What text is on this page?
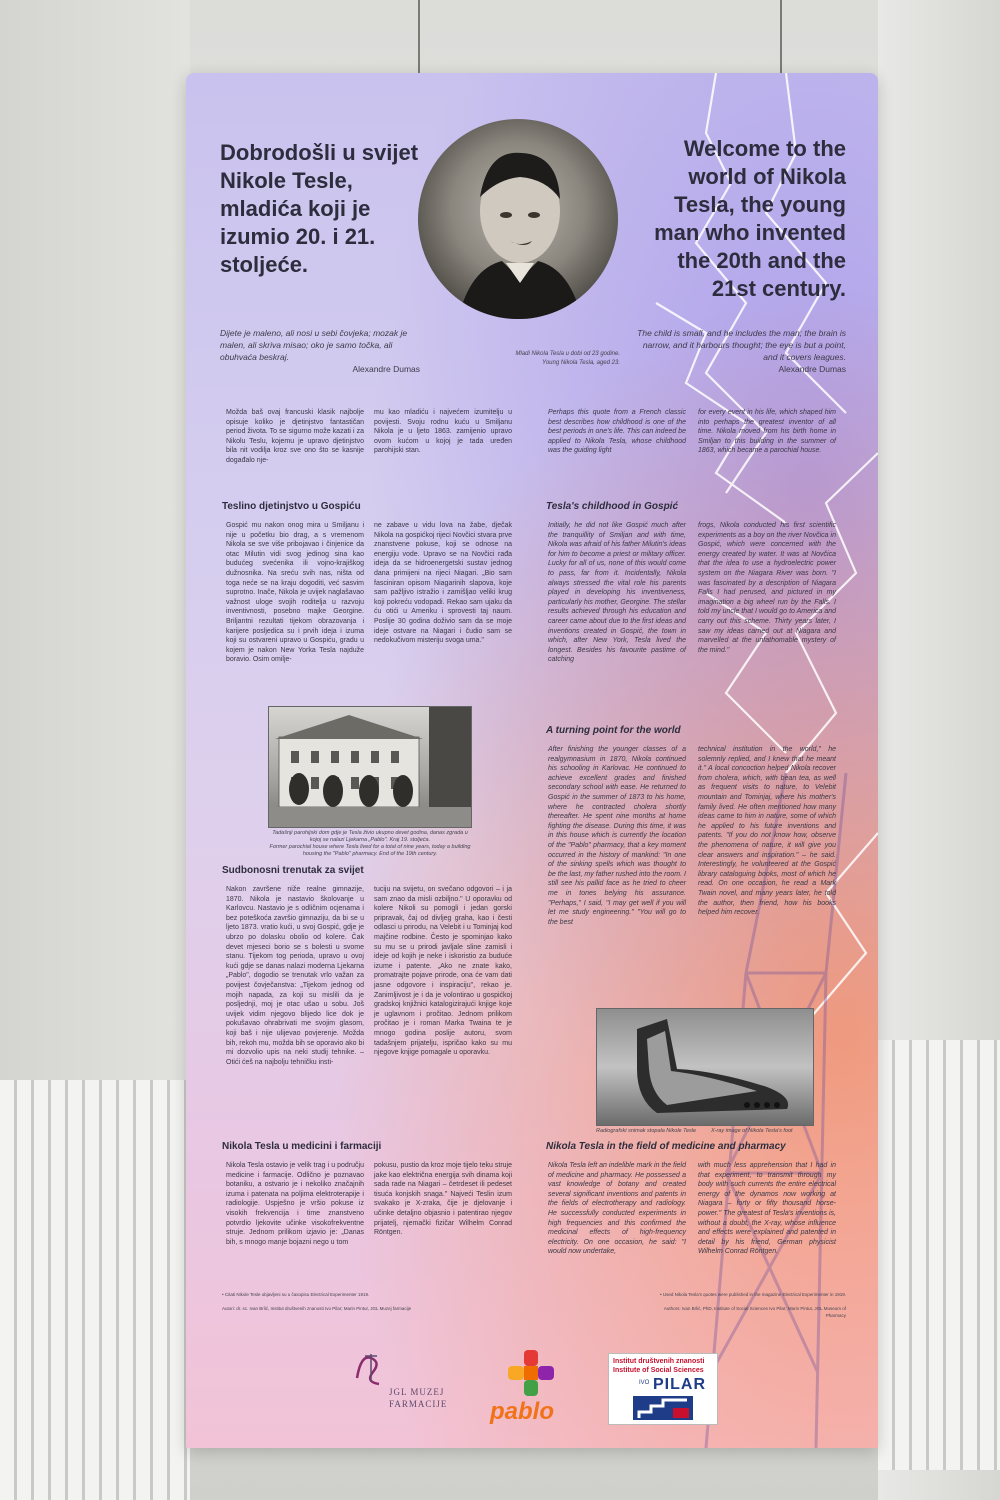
Dobrodošli u svijet Nikole Tesle, mladića koji je izumio 20. i 21. stoljeće.
Welcome to the world of Nikola Tesla, the young man who invented the 20th and the 21st century.
Mladi Nikola Tesla u dobi od 23 godine.
Young Nikola Tesla, aged 23.
Dijete je maleno, ali nosi u sebi čovjeka; mozak je malen, ali skriva misao; oko je samo točka, ali obuhvaća beskraj.
Alexandre Dumas
The child is small, and he includes the man; the brain is narrow, and it harbours thought; the eye is but a point, and it covers leagues.
Alexandre Dumas
Možda baš ovaj francuski klasik najbolje opisuje koliko je djetinjstvo fantastičan period života. To se sigurno može kazati i za Nikolu Teslu, kojemu je upravo djetinjstvo bila nit vodilja kroz sve ono što se kasnije događalo nje-
mu kao mladiću i najvećem izumitelju u povijesti. Svoju rodnu kuću u Smiljanu Nikola je u ljeto 1863. zamijenio upravo ovom kućom u kojoj je tada uređen parohijski stan.
Perhaps this quote from a French classic best describes how childhood is one of the best periods in one's life. This can indeed be applied to Nikola Tesla, whose childhood was the guiding light
for every event in his life, which shaped him into perhaps the greatest inventor of all time. Nikola moved from his birth home in Smiljan to this building in the summer of 1863, which became a parochial house.
Teslino djetinjstvo u Gospiću	Tesla's childhood in Gospić
Gospić mu nakon onog mira u Smiljanu i nije u početku bio drag, a s vremenom Nikola se sve više pribojavao i činjenice da otac Milutin vidi svog jedinog sina kao budućeg svećenika ili vojno-krajiškog dužnosnika. Na sreću svih nas, ništa od toga neće se na kraju dogoditi, već sasvim suprotno. Inače, Nikola je uvijek naglašavao važnost uloge svojih roditelja u razvoju inventivnosti, posebno majke Georgine. Briljantni rezultati tijekom obrazovanja i karijere posljedica su i prvih ideja i izuma koji su ostvareni upravo u Gospiću, gradu u kojem je nakon New Yorka Tesla najduže boravio. Osim omilje-
ne zabave u vidu lova na žabe, dječak Nikola na gospićkoj rijeci Novčici stvara prve znanstvene pokuse, koji se odnose na energiju vode. Upravo se na Novčici rađa ideja da se hidroenergetski sustav jednog dana primijeni na rijeci Niagari. „Bio sam fasciniran opisom Niagarinih slapova, koje sam pažljivo istražio i zamišljao veliki krug koji pokreću vodopadi. Rekao sam ujaku da ću otići u Ameriku i sprovesti taj naum. Poslije 30 godina doživio sam da se moje ideje ostvare na Niagari i čudio sam se nedokučivom misteriju svoga uma."
Initially, he did not like Gospić much after the tranquillity of Smiljan and with time, Nikola was afraid of his father Milutin's ideas for him to become a priest or military officer. Lucky for all of us, none of this would come to pass, far from it. Incidentally, Nikola always stressed the vital role his parents played in developing his inventiveness, particularly his mother, Georgine. The stellar results achieved through his education and career came about due to the first ideas and inventions created in Gospić, the town in which, after New York, Tesla lived the longest. Besides his favourite pastime of catching
frogs, Nikola conducted his first scientific experiments as a boy on the river Novčica in Gospić, which were concerned with the energy created by water. It was at Novčica that the idea to use a hydroelectric power system on the Niagara River was born. "I was fascinated by a description of Niagara Falls I had perused, and pictured in my imagination a big wheel run by the Falls. I told my uncle that I would go to America and carry out this scheme. Thirty years later, I saw my ideas carried out at Niagara and marvelled at the unfathomable mystery of the mind."
Tadašnji parohijski dom gdje je Tesla živio ukupno devet godina, danas zgrada u kojoj se nalazi Ljekarna „Pablo". Kraj 19. stoljeća.
Former parochial house where Tesla lived for a total of nine years, today a building housing the "Pablo" pharmacy. End of the 19th century.
A turning point for the world
After finishing the younger classes of a realgymnasium in 1870, Nikola continued his schooling in Karlovac. He continued to achieve excellent grades and finished secondary school with ease. He returned to Gospić in the summer of 1873 to his home, where he contracted cholera shortly thereafter. He spent nine months at home fighting the disease. During this time, it was in this house which is currently the location of the "Pablo" pharmacy, that a key moment occurred in the history of mankind: "In one of the sinking spells which was thought to be the last, my father rushed into the room. I still see his pallid face as he tried to cheer me in tones belying his assurance. "Perhaps," I said, "I may get well if you will let me study engineering." "You will go to the best
technical institution in the world," he solemnly replied, and I knew that he meant it." A local concoction helped Nikola recover from cholera, which, with bean tea, as well as frequent visits to nature, to Velebit mountain and Tominjaj, where his mother's family lived. He often mentioned how many ideas came to him in nature, some of which he applied to his future inventions and patents. "If you do not know how, observe the phenomena of nature, it will give you clear answers and inspiration." – he said. Interestingly, he volunteered at the Gospić library cataloguing books, most of which he read. On one occasion, he read a Mark Twain novel, and many years later, he told the author, then friend, how his books helped him recover.
Sudbonosni trenutak za svijet
Nakon završene niže realne gimnazije, 1870. Nikola je nastavio školovanje u Karlovcu. Nastavio je s odličnim ocjenama i bez poteškoća završio gimnaziju, da bi se u ljeto 1873. vratio kući, u svoj Gospić, gdje je ubrzo po dolasku obolio od kolere. Čak devet mjeseci borio se s bolesti u svome stanu. Tijekom tog perioda, upravo u ovoj kući gdje se danas nalazi moderna Ljekarna „Pablo", dogodio se trenutak vrlo važan za povijest čovječanstva: „Tijekom jednog od mojih napada, za koji su mislili da je posljednji, moj je otac ušao u sobu. Još uvijek vidim njegovo blijedo lice dok je pokušavao ohrabrivati me svojim glasom, koji baš i nije ulijevao povjerenje. Možda bih, rekoh mu, možda bih se oporavio ako bi mi dozvolio upis na neki studij tehnike. – Otići ćeš na najbolju tehničku insti-
tuciju na svijetu, on svečano odgovori – i ja sam znao da misli ozbiljno." U oporavku od kolere Nikoli su pomogli i jedan gorski pripravak, čaj od divljeg graha, kao i česti odlasci u prirodu, na Velebit i u Tominjaj kod majčine rodbine. Često je spominjao kako su mu se u prirodi javljale sline zamisli i ideje od kojih je neke i iskoristio za buduće izume i patente. „Ako ne znate kako, promatrajte pojave prirode, ona će vam dati jasne odgovore i inspiraciju", rekao je. Zanimljivost je i da je volontirao u gospićkoj gradskoj knjižnici katalogizirajući knjige koje je uglavnom i pročitao. Jednom prilikom pročitao je i roman Marka Twaina te je mnogo godina poslije autoru, svom tadašnjem prijatelju, ispričao kako su mu njegove knjige pomagale u oporavku.
Radiografski snimak stopala Nikole Tesle	X-ray image of Nikola Tesla's foot
Nikola Tesla u medicini i farmaciji	Nikola Tesla in the field of medicine and pharmacy
Nikola Tesla ostavio je velik trag i u području medicine i farmacije. Odlično je poznavao botaniku, a ostvario je i nekoliko značajnih izuma i patenata na poljima elektroterapije i radiologije. Uspješno je vršio pokuse iz visokih frekvencija i time znanstveno potvrdio ljekovite učinke visokofrekventne struje. Jednom prilikom izjavio je: „Danas bih, s mnogo manje bojazni nego u tom
pokusu, pustio da kroz moje tijelo teku struje jake kao električna energija svih dinama koji sada rade na Niagari – četrdeset ili pedeset tisuća konjskih snaga." Najveći Teslin izum svakako je X-zraka, čije je djelovanje i učinke detaljno objasnio i patentirao njegov prijatelj, njemački fizičar Wilhelm Conrad Röntgen.
Nikola Tesla left an indelible mark in the field of medicine and pharmacy. He possessed a vast knowledge of botany and created several significant inventions and patents in the fields of electrotherapy and radiology. He successfully conducted experiments in high frequencies and this confirmed the medicinal effects of high-frequency electricity. On one occasion, he said: "I would now undertake,
with much less apprehension that I had in that experiment, to transmit through my body with such currents the entire electrical energy of the dynamos now working at Niagara – forty or fifty thousand horse-power." The greatest of Tesla's inventions is, without a doubt, the X-ray, whose influence and effects were explained and patented in detail by his friend, German physicist Wilhelm Conrad Röntgen.
• Citati Nikole Tesle objavljeni su u časopisu Electrical Experimenter 1919.	• Used Nikola Tesla's quotes were published in the magazine Electrical Experimenter in 1919.
Autori: dr. sc. Ivan Brlić, Institut društvenih znanosti Ivo Pilar; Marin Pintur, JGL Muzej farmacije	Authors: Ivan Brlić, PhD, Institute of Social Sciences Ivo Pilar; Marin Pintur, JGL Museum of Pharmacy
JGL MUZEJ FARMACIJE	pablo
Institut društvenih znanosti Institute of Social Sciences
IVO PILAR
